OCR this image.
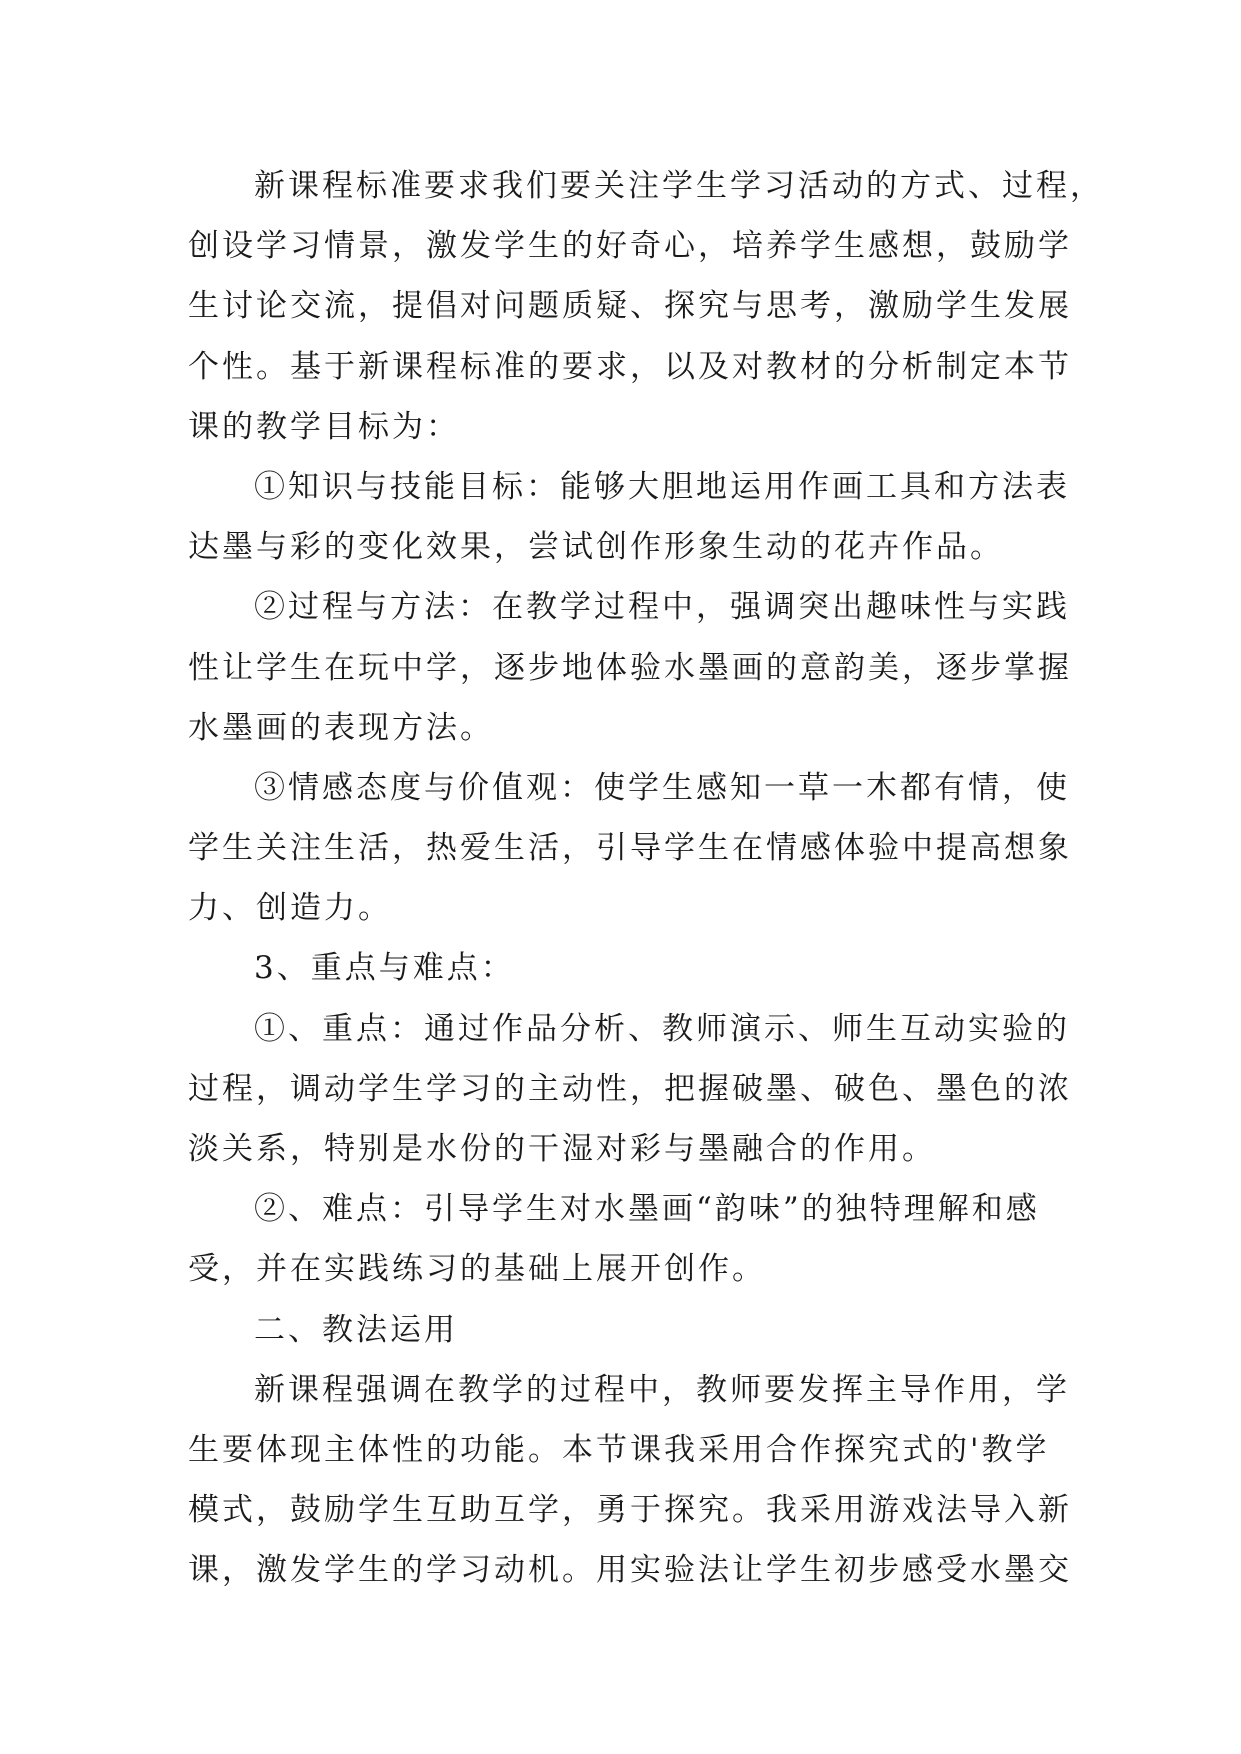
新课程标准要求我们要关注学生学习活动的方式、过程，
创设学习情景，激发学生的好奇心，培养学生感想，鼓励学
生讨论交流，提倡对问题质疑、探究与思考，激励学生发展
个性。基于新课程标准的要求，以及对教材的分析制定本节
课的教学目标为：
①知识与技能目标：能够大胆地运用作画工具和方法表
达墨与彩的变化效果，尝试创作形象生动的花卉作品。
②过程与方法：在教学过程中，强调突出趣味性与实践
性让学生在玩中学，逐步地体验水墨画的意韵美，逐步掌握
水墨画的表现方法。
③情感态度与价值观：使学生感知一草一木都有情，使
学生关注生活，热爱生活，引导学生在情感体验中提高想象
力、创造力。
3、重点与难点：
①、重点：通过作品分析、教师演示、师生互动实验的
过程，调动学生学习的主动性，把握破墨、破色、墨色的浓
淡关系，特别是水份的干湿对彩与墨融合的作用。
②、难点：引导学生对水墨画“韵味”的独特理解和感
受，并在实践练习的基础上展开创作。
二、教法运用
新课程强调在教学的过程中，教师要发挥主导作用，学
生要体现主体性的功能。本节课我采用合作探究式的'教学
模式，鼓励学生互助互学，勇于探究。我采用游戏法导入新
课，激发学生的学习动机。用实验法让学生初步感受水墨交
